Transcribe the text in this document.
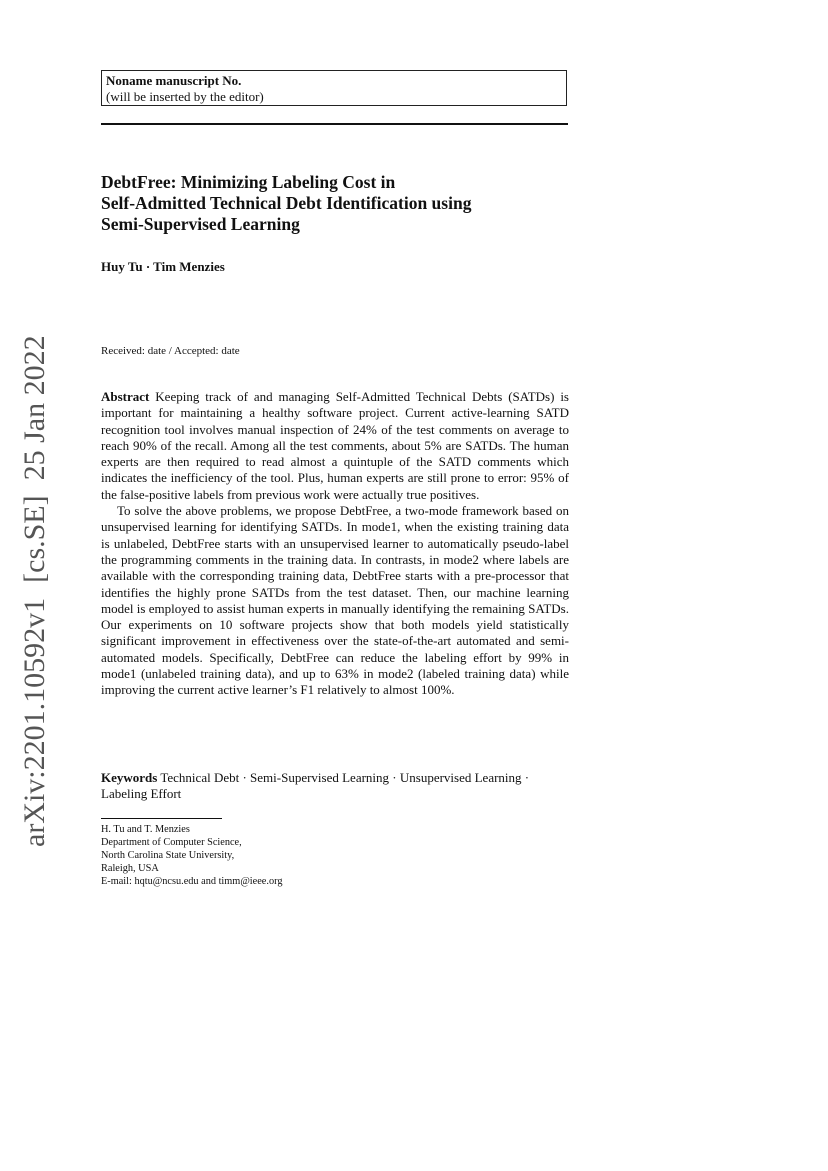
Noname manuscript No.
(will be inserted by the editor)
DebtFree: Minimizing Labeling Cost in
Self-Admitted Technical Debt Identification using
Semi-Supervised Learning
Huy Tu · Tim Menzies
Received: date / Accepted: date

Abstract Keeping track of and managing Self-Admitted Technical Debts (SATDs) is important for maintaining a healthy software project. Current active-learning SATD recognition tool involves manual inspection of 24% of the test comments on average to reach 90% of the recall. Among all the test comments, about 5% are SATDs. The human experts are then required to read almost a quintuple of the SATD comments which indicates the inefficiency of the tool. Plus, human experts are still prone to error: 95% of the false-positive labels from previous work were actually true positives.

To solve the above problems, we propose DebtFree, a two-mode framework based on unsupervised learning for identifying SATDs. In mode1, when the existing training data is unlabeled, DebtFree starts with an unsupervised learner to automatically pseudo-label the programming comments in the training data. In contrasts, in mode2 where labels are available with the corresponding training data, DebtFree starts with a pre-processor that identifies the highly prone SATDs from the test dataset. Then, our machine learning model is employed to assist human experts in manually identifying the remaining SATDs. Our experiments on 10 software projects show that both models yield statistically significant improvement in effectiveness over the state-of-the-art automated and semi-automated models. Specifically, DebtFree can reduce the labeling effort by 99% in mode1 (unlabeled training data), and up to 63% in mode2 (labeled training data) while improving the current active learner’s F1 relatively to almost 100%.

Keywords Technical Debt · Semi-Supervised Learning · Unsupervised Learning · Labeling Effort
H. Tu and T. Menzies
Department of Computer Science,
North Carolina State University,
Raleigh, USA
E-mail: hqtu@ncsu.edu and timm@ieee.org
arXiv:2201.10592v1  [cs.SE]  25 Jan 2022
